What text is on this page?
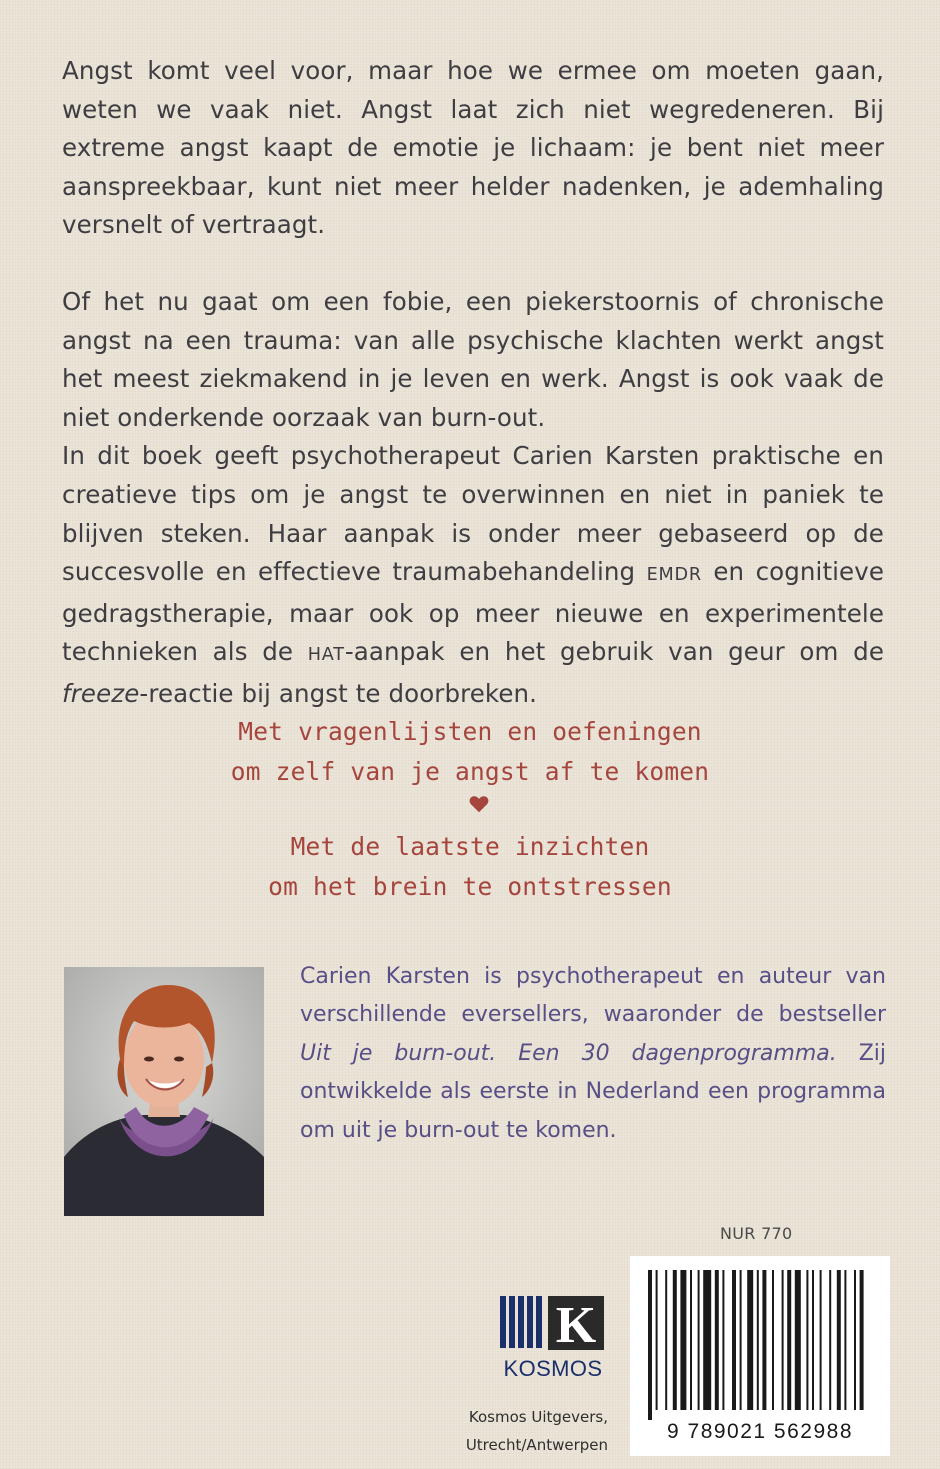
Angst komt veel voor, maar hoe we ermee om moeten gaan, weten we vaak niet. Angst laat zich niet wegredeneren. Bij extreme angst kaapt de emotie je lichaam: je bent niet meer aanspreekbaar, kunt niet meer helder nadenken, je ademhaling versnelt of vertraagt.

Of het nu gaat om een fobie, een piekerstoornis of chronische angst na een trauma: van alle psychische klachten werkt angst het meest ziekmakend in je leven en werk. Angst is ook vaak de niet onderkende oorzaak van burn-out.

In dit boek geeft psychotherapeut Carien Karsten praktische en creatieve tips om je angst te overwinnen en niet in paniek te blijven steken. Haar aanpak is onder meer gebaseerd op de succesvolle en effectieve traumabehandeling EMDR en cognitieve gedragstherapie, maar ook op meer nieuwe en experimentele technieken als de HAT-aanpak en het gebruik van geur om de freeze-reactie bij angst te doorbreken.

Met vragenlijsten en oefeningen
om zelf van je angst af te komen
Met de laatste inzichten
om het brein te ontstressen
Carien Karsten is psychotherapeut en auteur van verschillende eversellers, waaronder de bestseller Uit je burn-out. Een 30 dagenprogramma. Zij ontwikkelde als eerste in Nederland een programma om uit je burn-out te komen.
NUR 770
K
KOSMOS
Kosmos Uitgevers,
Utrecht/Antwerpen
9 789021 562988
